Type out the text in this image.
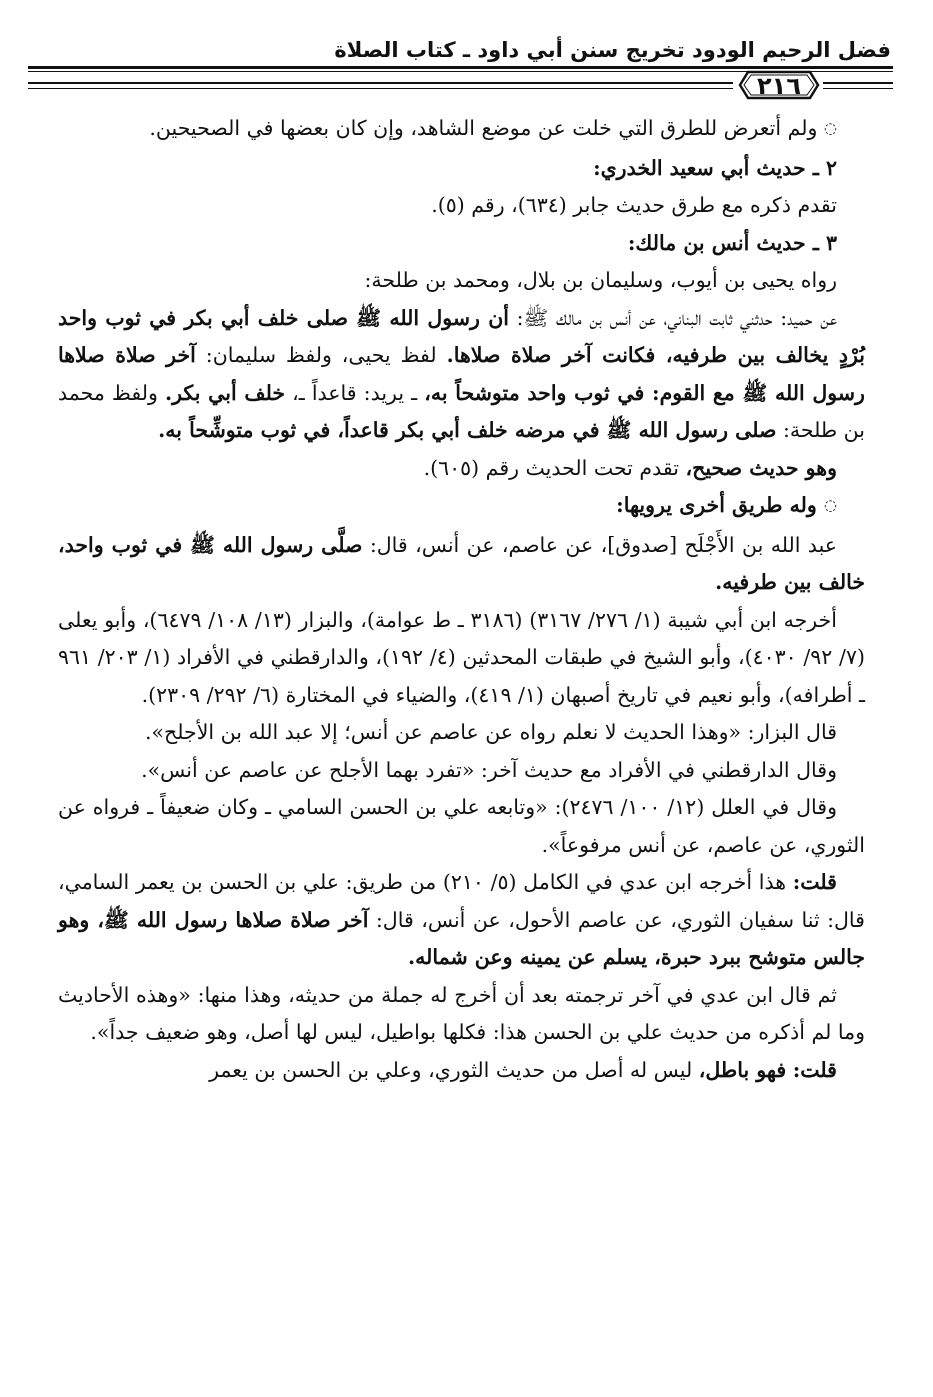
فضل الرحيم الودود تخريج سنن أبي داود ـ كتاب الصلاة
٢١٦

◌ ولم أتعرض للطرق التي خلت عن موضع الشاهد، وإن كان بعضها في الصحيحين.

٢ ـ حديث أبي سعيد الخدري:

تقدم ذكره مع طرق حديث جابر (٦٣٤)، رقم (٥).

٣ ـ حديث أنس بن مالك:

رواه يحيى بن أيوب، وسليمان بن بلال، ومحمد بن طلحة:

عن حميد: حدثني ثابت البناني، عن أنس بن مالك ﷺ: أن رسول الله ﷺ صلى خلف أبي بكر في ثوب واحد بُرْدٍ يخالف بين طرفيه، فكانت آخر صلاة صلاها. لفظ يحيى، ولفظ سليمان: آخر صلاة صلاها رسول الله ﷺ مع القوم: في ثوب واحد متوشحاً به، ـ يريد: قاعداً ـ، خلف أبي بكر. ولفظ محمد بن طلحة: صلى رسول الله ﷺ في مرضه خلف أبي بكر قاعداً، في ثوب متوشِّحاً به.

وهو حديث صحيح، تقدم تحت الحديث رقم (٦٠٥).

◌ وله طريق أخرى يرويها:

عبد الله بن الأَجْلَح [صدوق]، عن عاصم، عن أنس، قال: صلَّى رسول الله ﷺ في ثوب واحد، خالف بين طرفيه.

أخرجه ابن أبي شيبة (١/ ٢٧٦/ ٣١٦٧) (٣١٨٦ ـ ط عوامة)، والبزار (١٣/ ١٠٨/ ٦٤٧٩)، وأبو يعلى (٧/ ٩٢/ ٤٠٣٠)، وأبو الشيخ في طبقات المحدثين (٤/ ١٩٢)، والدارقطني في الأفراد (١/ ٢٠٣/ ٩٦١ ـ أطرافه)، وأبو نعيم في تاريخ أصبهان (١/ ٤١٩)، والضياء في المختارة (٦/ ٢٩٢/ ٢٣٠٩).

قال البزار: «وهذا الحديث لا نعلم رواه عن عاصم عن أنس؛ إلا عبد الله بن الأجلح».

وقال الدارقطني في الأفراد مع حديث آخر: «تفرد بهما الأجلح عن عاصم عن أنس».

وقال في العلل (١٢/ ١٠٠/ ٢٤٧٦): «وتابعه علي بن الحسن السامي ـ وكان ضعيفاً ـ فرواه عن الثوري، عن عاصم، عن أنس مرفوعاً».

قلت: هذا أخرجه ابن عدي في الكامل (٥/ ٢١٠) من طريق: علي بن الحسن بن يعمر السامي، قال: ثنا سفيان الثوري، عن عاصم الأحول، عن أنس، قال: آخر صلاة صلاها رسول الله ﷺ، وهو جالس متوشح ببرد حبرة، يسلم عن يمينه وعن شماله.

ثم قال ابن عدي في آخر ترجمته بعد أن أخرج له جملة من حديثه، وهذا منها: «وهذه الأحاديث وما لم أذكره من حديث علي بن الحسن هذا: فكلها بواطيل، ليس لها أصل، وهو ضعيف جداً».

قلت: فهو باطل، ليس له أصل من حديث الثوري، وعلي بن الحسن بن يعمر
